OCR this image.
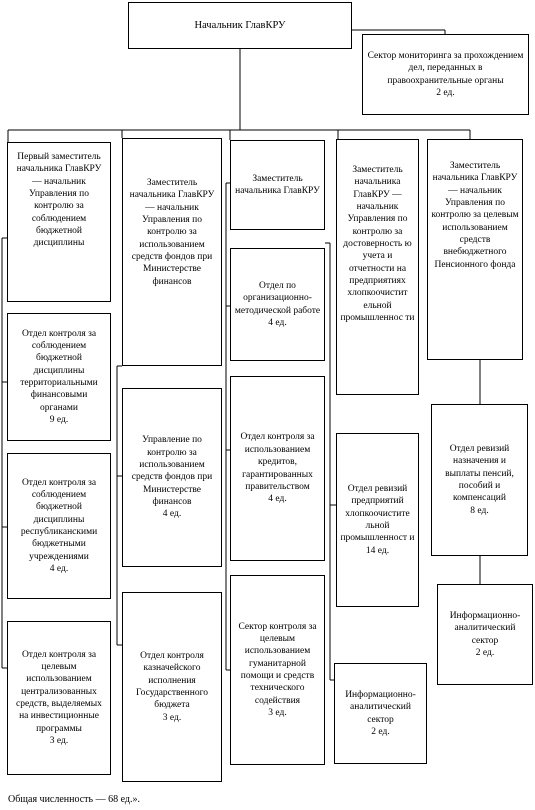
Начальник ГлавКРУ
Сектор мониторинга за прохождением дел, переданных в правоохранительные органы
2 ед.
Первый заместитель начальника ГлавКРУ — начальник Управления по контролю за соблюдением бюджетной дисциплины
Отдел контроля за соблюдением бюджетной дисциплины территориальными финансовыми органами
9 ед.
Отдел контроля за соблюдением бюджетной дисциплины республиканскими бюджетными учреждениями
4 ед.
Отдел контроля за целевым использованием централизованных средств, выделяемых на инвестиционные программы
3 ед.
Заместитель начальника ГлавКРУ — начальник Управления по контролю за использованием средств фондов при Министерстве финансов
Управление по контролю за использованием средств фондов при Министерстве финансов
4 ед.
Отдел контроля казначейского исполнения Государственного бюджета
3 ед.
Заместитель начальника ГлавКРУ
Отдел по организационно-методической работе
4 ед.
Отдел контроля за использованием кредитов, гарантированных правительством
4 ед.
Сектор контроля за целевым использованием гуманитарной помощи и средств технического содействия
3 ед.
Заместитель начальника ГлавКРУ — начальник Управления по контролю за достоверность ю учета и отчетности на предприятиях хлопкоочистит ельной промышленнос ти
Отдел ревизий предприятий хлопкоочистите льной промышленност и
14 ед.
Информационно-аналитический сектор
2 ед.
Заместитель начальника ГлавКРУ — начальник Управления по контролю за целевым использованием средств внебюджетного Пенсионного фонда
Отдел ревизий назначения и выплаты пенсий, пособий и компенсаций
8 ед.
Информационно-аналитический сектор
2 ед.
Общая численность — 68 ед.».
